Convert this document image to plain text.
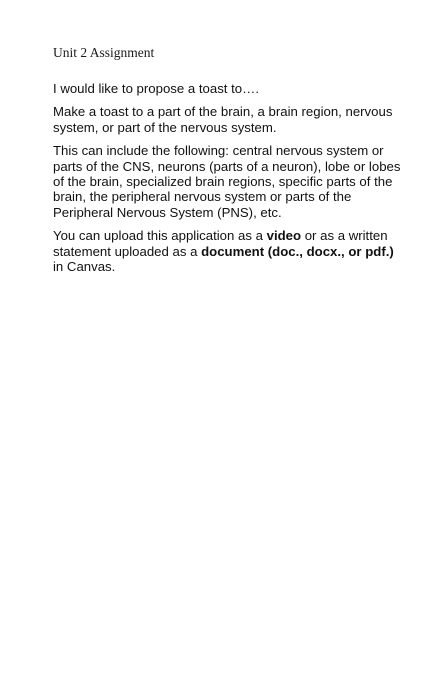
Unit 2 Assignment

I would like to propose a toast to….

Make a toast to a part of the brain, a brain region, nervous system, or part of the nervous system.

This can include the following: central nervous system or parts of the CNS, neurons (parts of a neuron), lobe or lobes of the brain, specialized brain regions, specific parts of the brain, the peripheral nervous system or parts of the Peripheral Nervous System (PNS), etc.

You can upload this application as a video or as a written statement uploaded as a document (doc., docx., or pdf.) in Canvas.
